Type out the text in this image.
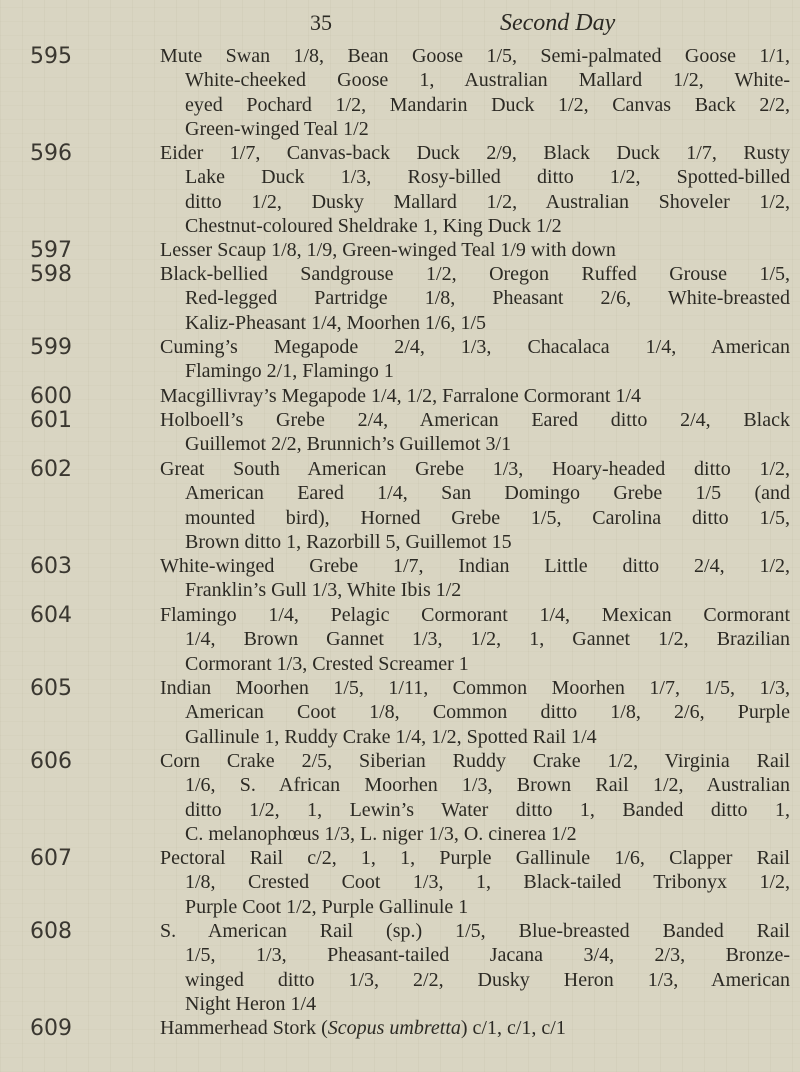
35	Second Day
595	Mute Swan 1/8, Bean Goose 1/5, Semi-palmated Goose 1/1,
White-cheeked Goose 1, Australian Mallard 1/2, White-
eyed Pochard 1/2, Mandarin Duck 1/2, Canvas Back 2/2,
Green-winged Teal 1/2
596	Eider 1/7, Canvas-back Duck 2/9, Black Duck 1/7, Rusty
Lake Duck 1/3, Rosy-billed ditto 1/2, Spotted-billed
ditto 1/2, Dusky Mallard 1/2, Australian Shoveler 1/2,
Chestnut-coloured Sheldrake 1, King Duck 1/2
597	Lesser Scaup 1/8, 1/9, Green-winged Teal 1/9 with down
598	Black-bellied Sandgrouse 1/2, Oregon Ruffed Grouse 1/5,
Red-legged Partridge 1/8, Pheasant 2/6, White-breasted
Kaliz-Pheasant 1/4, Moorhen 1/6, 1/5
599	Cuming’s Megapode 2/4, 1/3, Chacalaca 1/4, American
Flamingo 2/1, Flamingo 1
600	Macgillivray’s Megapode 1/4, 1/2, Farralone Cormorant 1/4
601	Holboell’s Grebe 2/4, American Eared ditto 2/4, Black
Guillemot 2/2, Brunnich’s Guillemot 3/1
602	Great South American Grebe 1/3, Hoary-headed ditto 1/2,
American Eared 1/4, San Domingo Grebe 1/5 (and
mounted bird), Horned Grebe 1/5, Carolina ditto 1/5,
Brown ditto 1, Razorbill 5, Guillemot 15
603	White-winged Grebe 1/7, Indian Little ditto 2/4, 1/2,
Franklin’s Gull 1/3, White Ibis 1/2
604	Flamingo 1/4, Pelagic Cormorant 1/4, Mexican Cormorant
1/4, Brown Gannet 1/3, 1/2, 1, Gannet 1/2, Brazilian
Cormorant 1/3, Crested Screamer 1
605	Indian Moorhen 1/5, 1/11, Common Moorhen 1/7, 1/5, 1/3,
American Coot 1/8, Common ditto 1/8, 2/6, Purple
Gallinule 1, Ruddy Crake 1/4, 1/2, Spotted Rail 1/4
606	Corn Crake 2/5, Siberian Ruddy Crake 1/2, Virginia Rail
1/6, S. African Moorhen 1/3, Brown Rail 1/2, Australian
ditto 1/2, 1, Lewin’s Water ditto 1, Banded ditto 1,
C. melanophœus 1/3, L. niger 1/3, O. cinerea 1/2
607	Pectoral Rail c/2, 1, 1, Purple Gallinule 1/6, Clapper Rail
1/8, Crested Coot 1/3, 1, Black-tailed Tribonyx 1/2,
Purple Coot 1/2, Purple Gallinule 1
608	S. American Rail (sp.) 1/5, Blue-breasted Banded Rail
1/5, 1/3, Pheasant-tailed Jacana 3/4, 2/3, Bronze-
winged ditto 1/3, 2/2, Dusky Heron 1/3, American
Night Heron 1/4
609	Hammerhead Stork (Scopus umbretta) c/1, c/1, c/1
